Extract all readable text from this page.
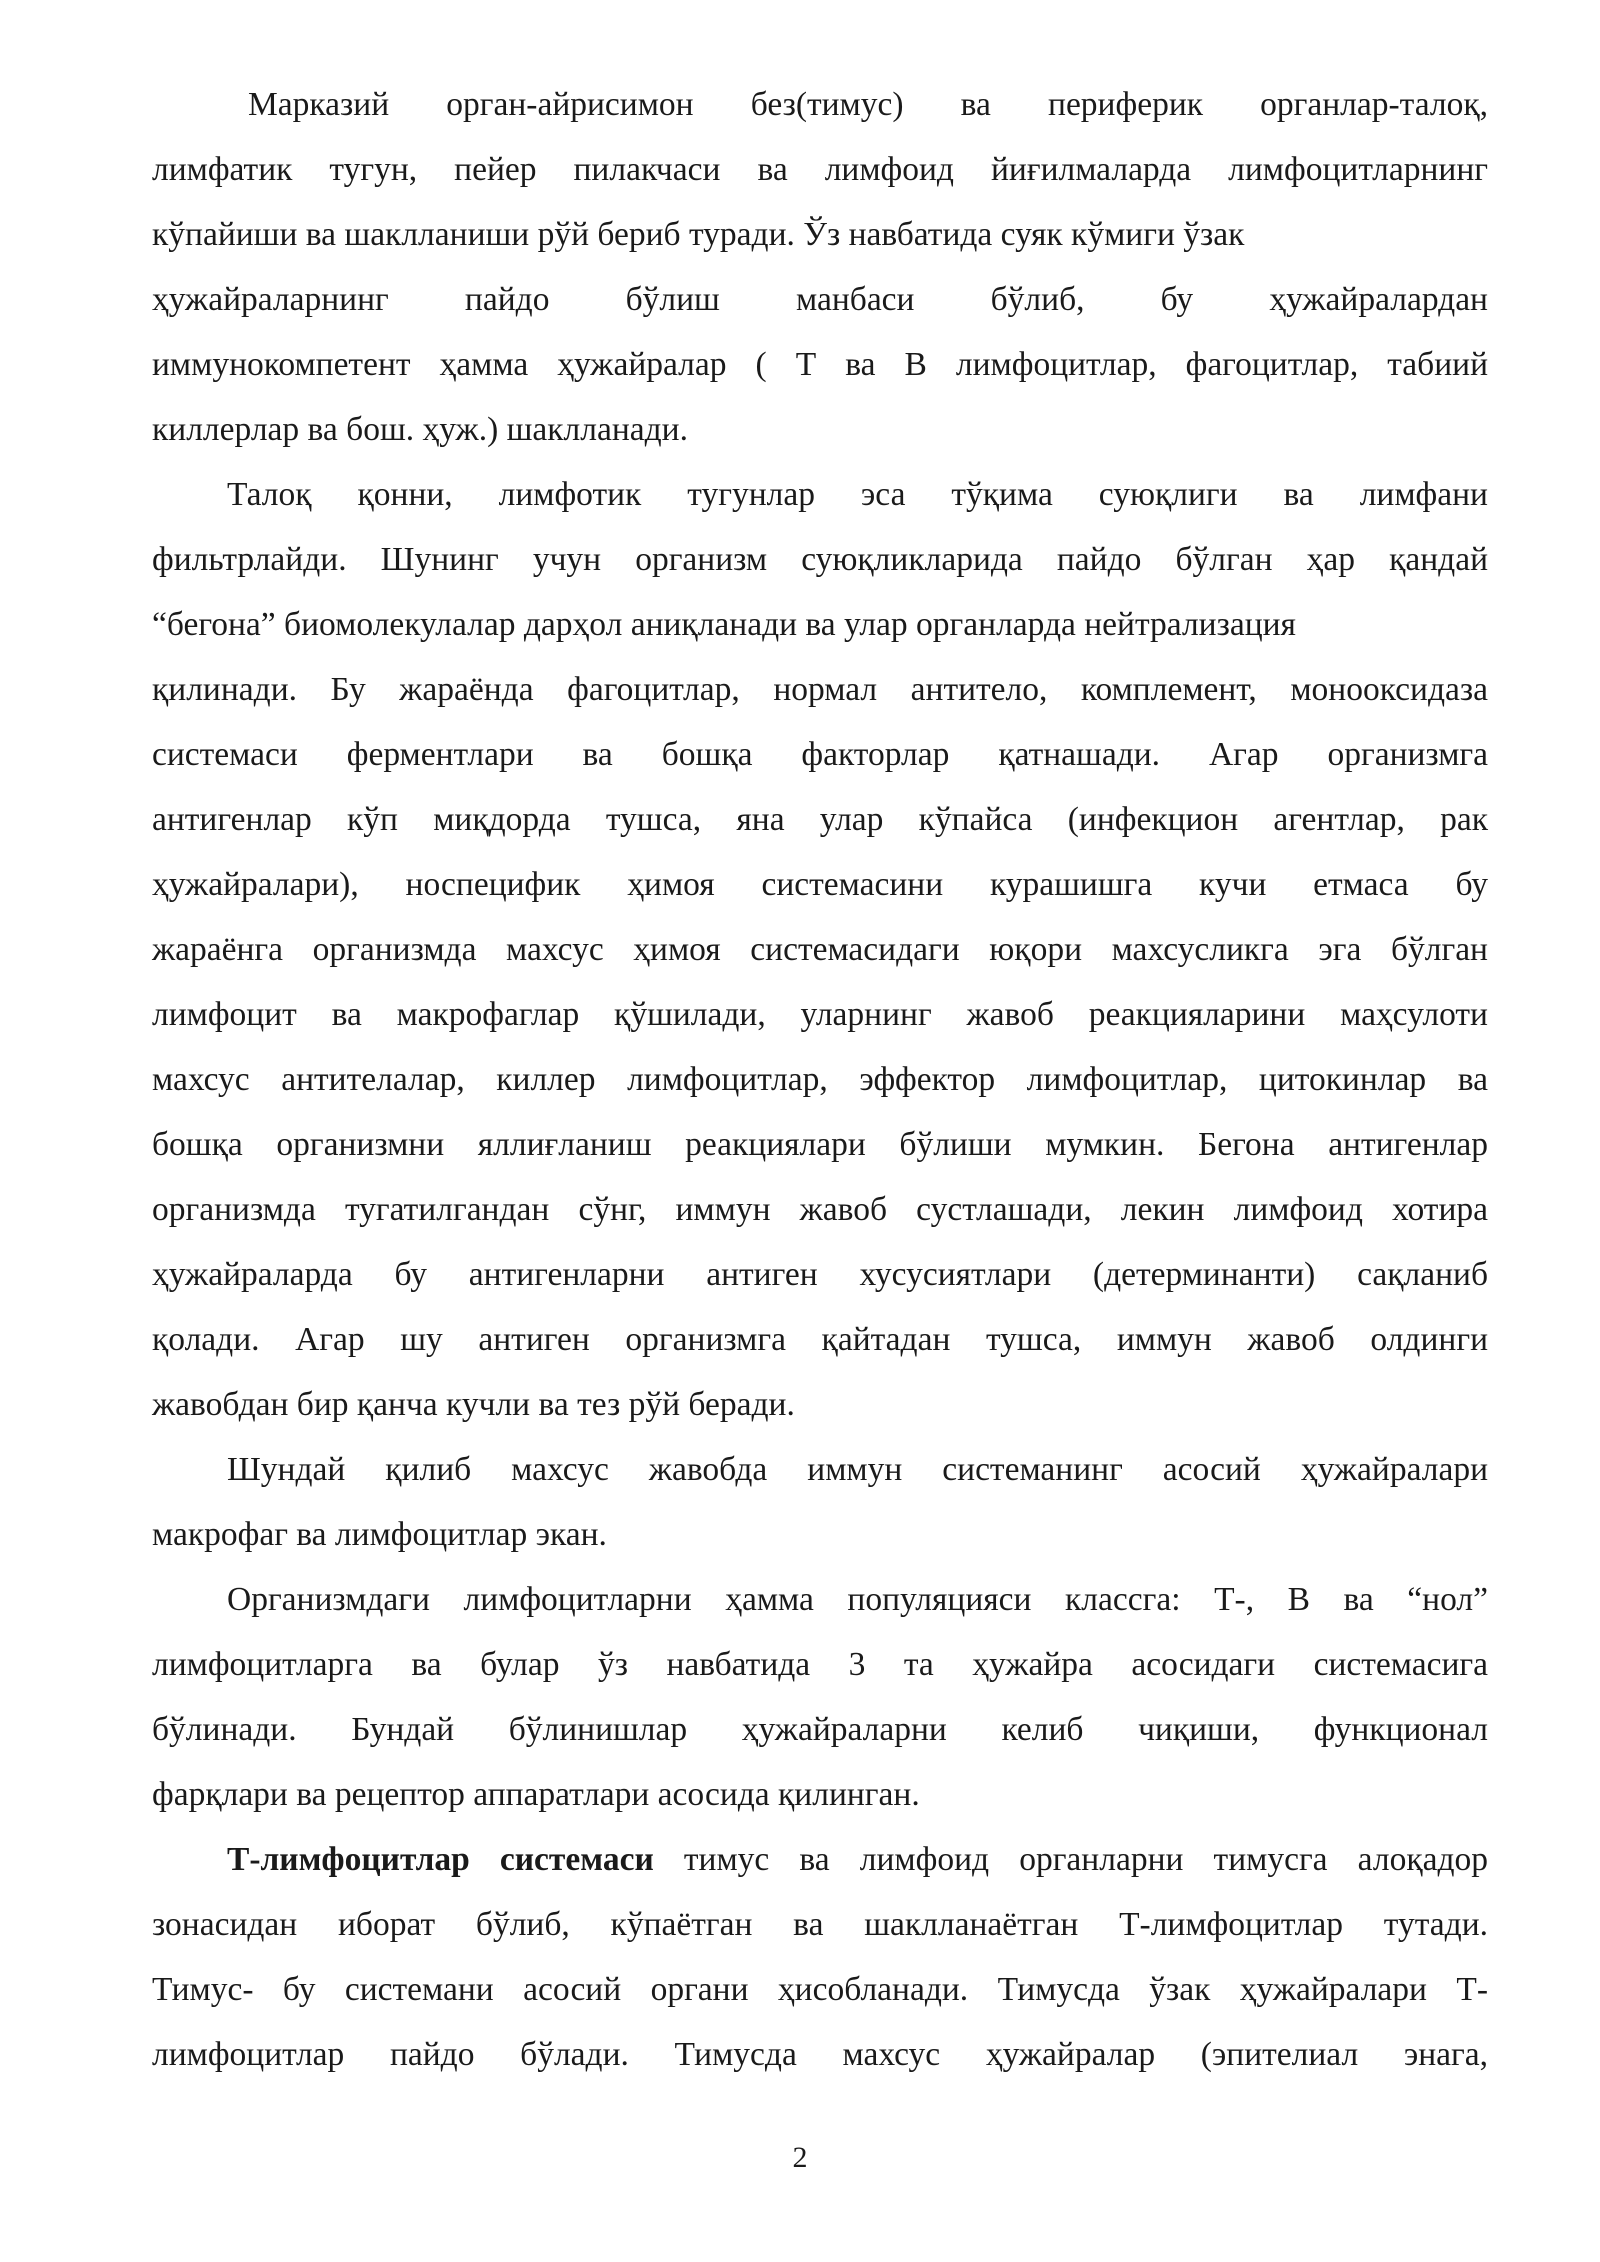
Марказий орган-айрисимон без(тимус) ва периферик органлар-талоқ,
лимфатик тугун, пейер пилакчаси ва лимфоид йиғилмаларда лимфоцитларнинг
кўпайиши ва шаклланиши рўй бериб туради. Ўз навбатида суяк кўмиги ўзак
ҳужайраларнинг пайдо бўлиш манбаси бўлиб, бу ҳужайралардан
иммунокомпетент ҳамма ҳужайралар ( Т ва В лимфоцитлар, фагоцитлар, табиий
киллерлар ва бош. ҳуж.) шаклланади.
Талоқ қонни, лимфотик тугунлар эса тўқима суюқлиги ва лимфани
фильтрлайди. Шунинг учун организм суюқликларида пайдо бўлган ҳар қандай
“бегона” биомолекулалар дарҳол аниқланади ва улар органларда нейтрализация
қилинади. Бу жараёнда фагоцитлар, нормал антитело, комплемент, монооксидаза
системаси ферментлари ва бошқа факторлар қатнашади. Агар организмга
антигенлар кўп миқдорда тушса, яна улар кўпайса (инфекцион агентлар, рак
ҳужайралари), носпецифик ҳимоя системасини курашишга кучи етмаса бу
жараёнга организмда махсус ҳимоя системасидаги юқори махсусликга эга бўлган
лимфоцит ва макрофаглар қўшилади, уларнинг жавоб реакцияларини маҳсулоти
махсус антителалар, киллер лимфоцитлар, эффектор лимфоцитлар, цитокинлар ва
бошқа организмни яллиғланиш реакциялари бўлиши мумкин. Бегона антигенлар
организмда тугатилгандан сўнг, иммун жавоб сустлашади, лекин лимфоид хотира
ҳужайраларда бу антигенларни антиген хусусиятлари (детерминанти) сақланиб
қолади. Агар шу антиген организмга қайтадан тушса, иммун жавоб олдинги
жавобдан бир қанча кучли ва тез рўй беради.
Шундай қилиб махсус жавобда иммун системанинг асосий ҳужайралари
макрофаг ва лимфоцитлар экан.
Организмдаги лимфоцитларни ҳамма популяцияси классга: Т-, В ва “нол”
лимфоцитларга ва булар ўз навбатида 3 та ҳужайра асосидаги системасига
бўлинади. Бундай бўлинишлар ҳужайраларни келиб чиқиши, функционал
фарқлари ва рецептор аппаратлари асосида қилинган.
Т-лимфоцитлар системаси тимус ва лимфоид органларни тимусга алоқадор
зонасидан иборат бўлиб, кўпаётган ва шаклланаётган Т-лимфоцитлар тутади.
Тимус- бу системани асосий органи ҳисобланади. Тимусда ўзак ҳужайралари Т-
лимфоцитлар пайдо бўлади. Тимусда махсус ҳужайралар (эпителиал энага,
2
